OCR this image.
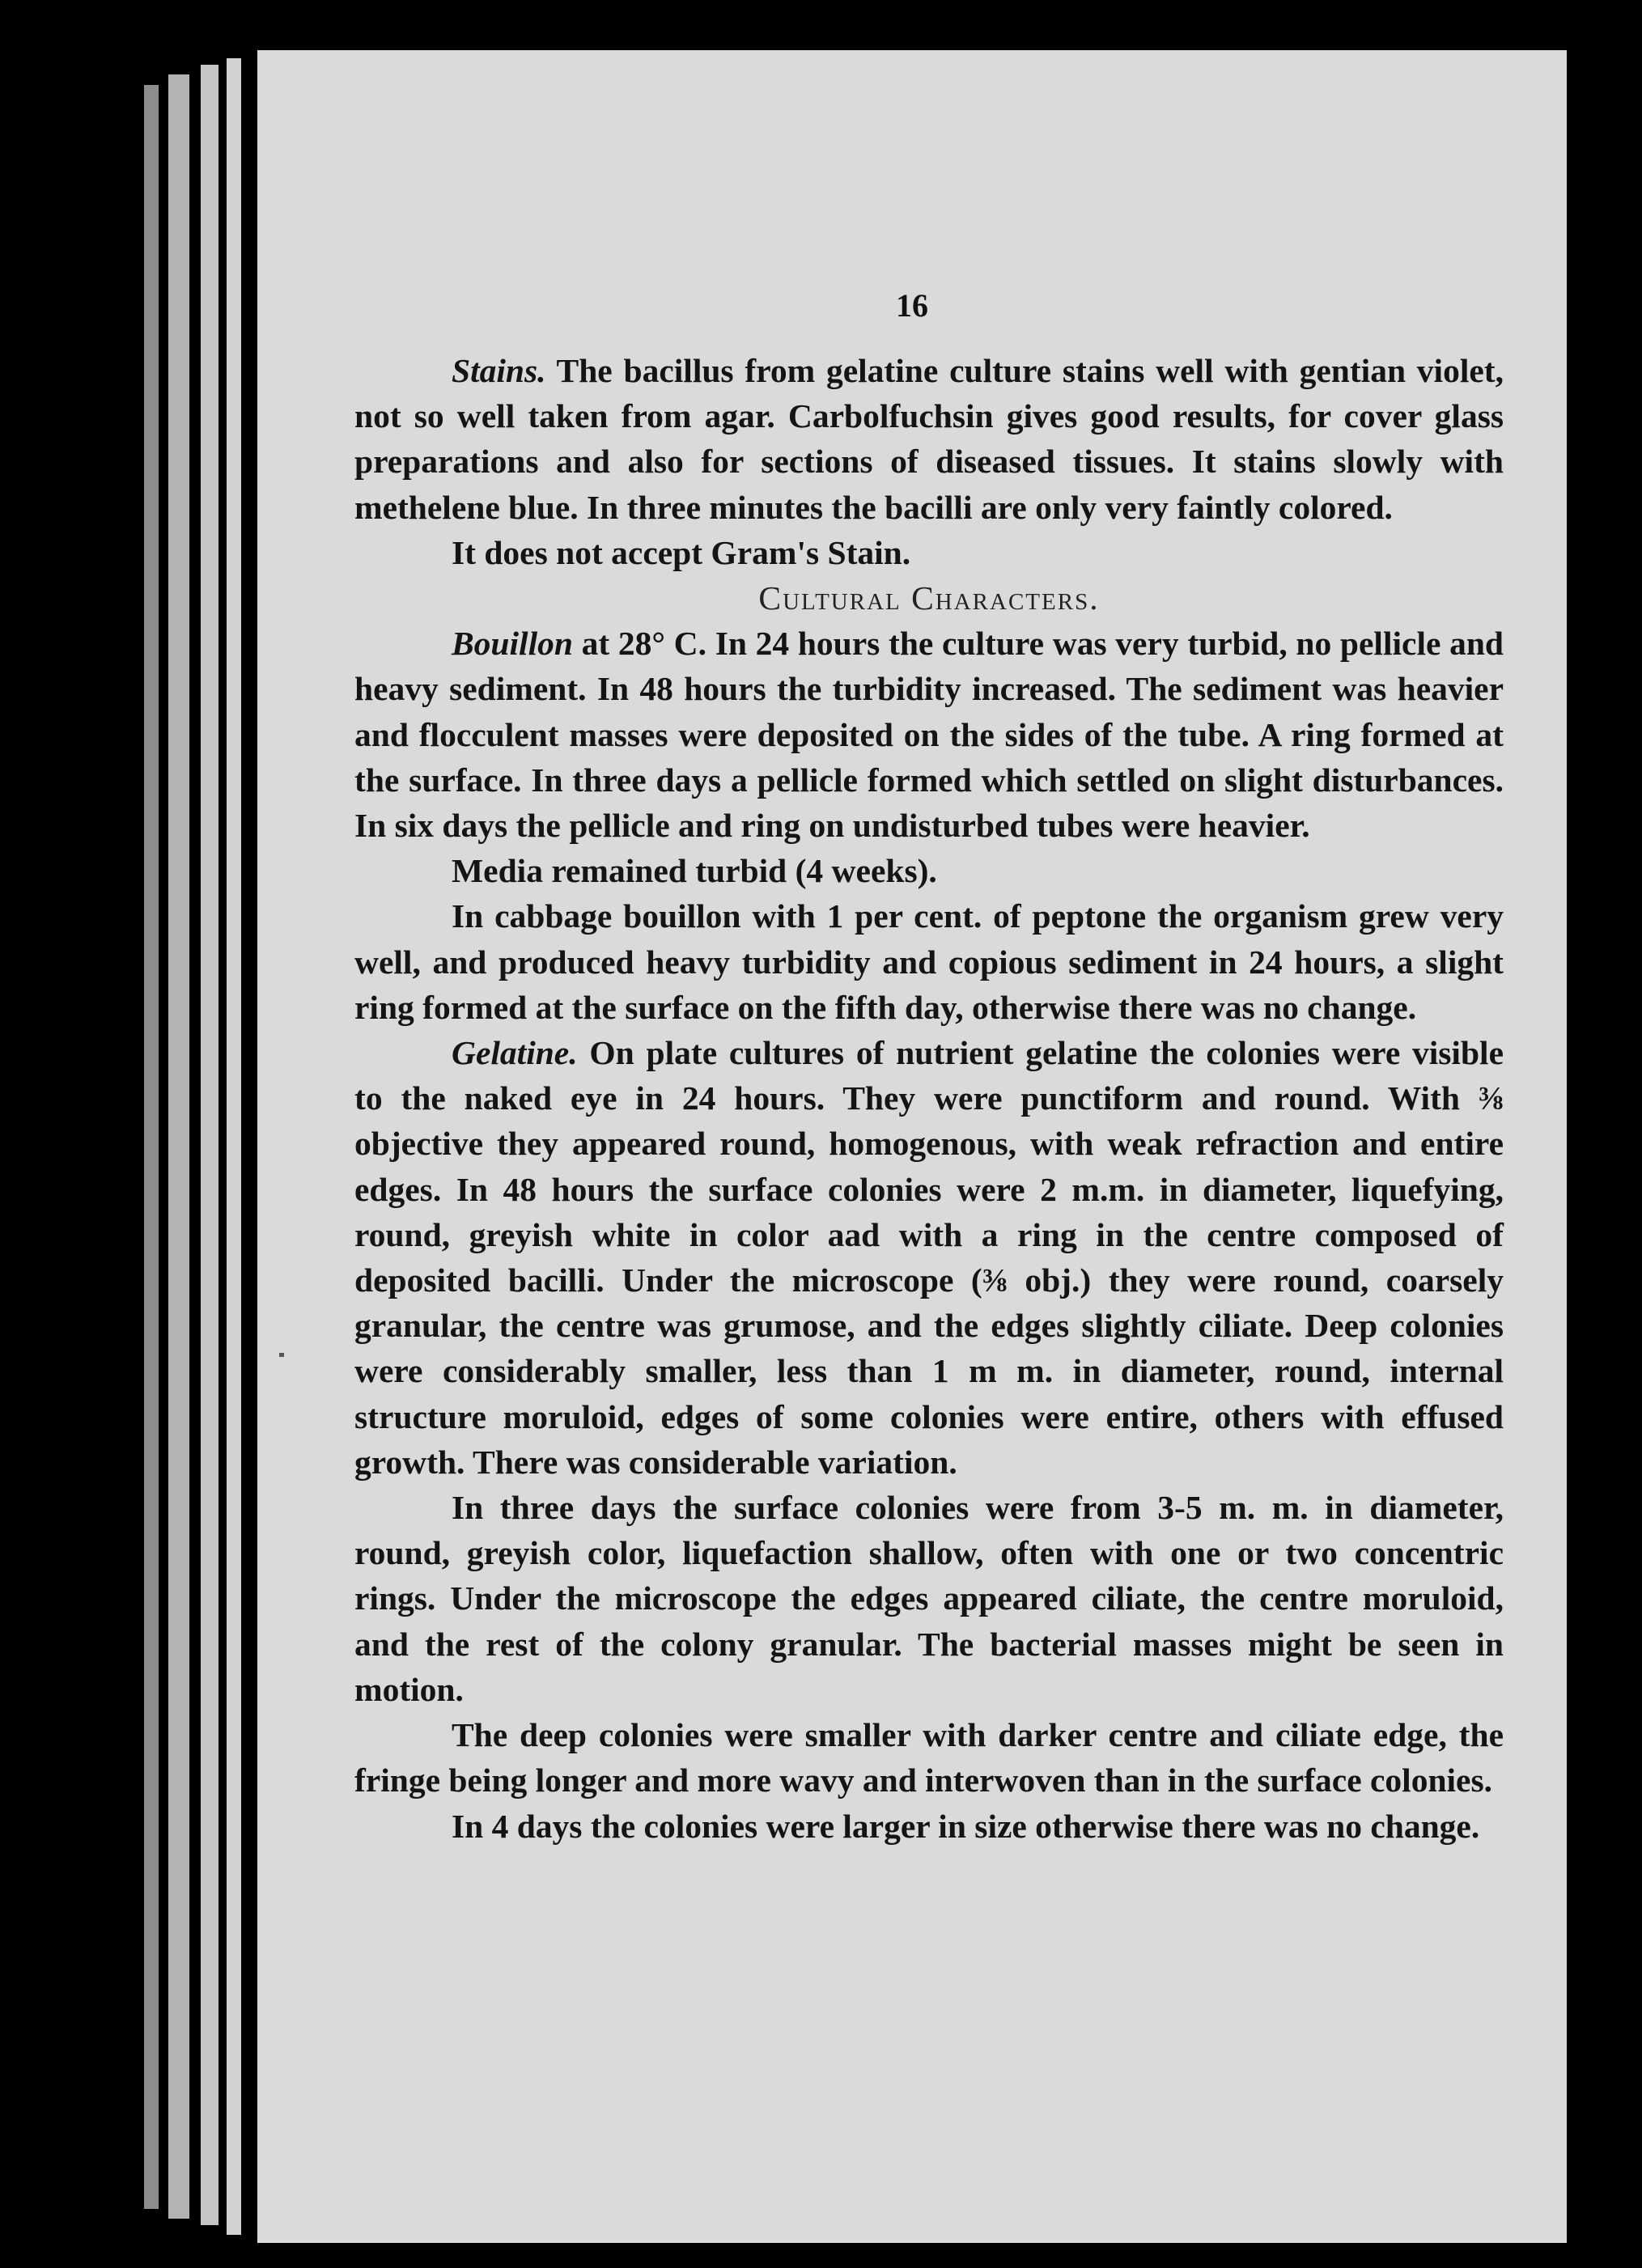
16

Stains. The bacillus from gelatine culture stains well with gentian violet, not so well taken from agar. Carbolfuchsin gives good results, for cover glass preparations and also for sections of diseased tissues. It stains slowly with methelene blue. In three minutes the bacilli are only very faintly colored.

It does not accept Gram's Stain.

Cultural Characters.

Bouillon at 28° C. In 24 hours the culture was very turbid, no pellicle and heavy sediment. In 48 hours the turbidity increased. The sediment was heavier and flocculent masses were deposited on the sides of the tube. A ring formed at the surface. In three days a pellicle formed which settled on slight disturbances. In six days the pellicle and ring on undisturbed tubes were heavier.

Media remained turbid (4 weeks).

In cabbage bouillon with 1 per cent. of peptone the organism grew very well, and produced heavy turbidity and copious sediment in 24 hours, a slight ring formed at the surface on the fifth day, otherwise there was no change.

Gelatine. On plate cultures of nutrient gelatine the colonies were visible to the naked eye in 24 hours. They were punctiform and round. With ⅜ objective they appeared round, homogenous, with weak refraction and entire edges. In 48 hours the surface colonies were 2 m.m. in diameter, liquefying, round, greyish white in color aad with a ring in the centre composed of deposited bacilli. Under the microscope (⅜ obj.) they were round, coarsely granular, the centre was grumose, and the edges slightly ciliate. Deep colonies were considerably smaller, less than 1 m m. in diameter, round, internal structure moruloid, edges of some colonies were entire, others with effused growth. There was considerable variation.

In three days the surface colonies were from 3-5 m. m. in diameter, round, greyish color, liquefaction shallow, often with one or two concentric rings. Under the microscope the edges appeared ciliate, the centre moruloid, and the rest of the colony granular. The bacterial masses might be seen in motion.

The deep colonies were smaller with darker centre and ciliate edge, the fringe being longer and more wavy and interwoven than in the surface colonies.

In 4 days the colonies were larger in size otherwise there was no change.
